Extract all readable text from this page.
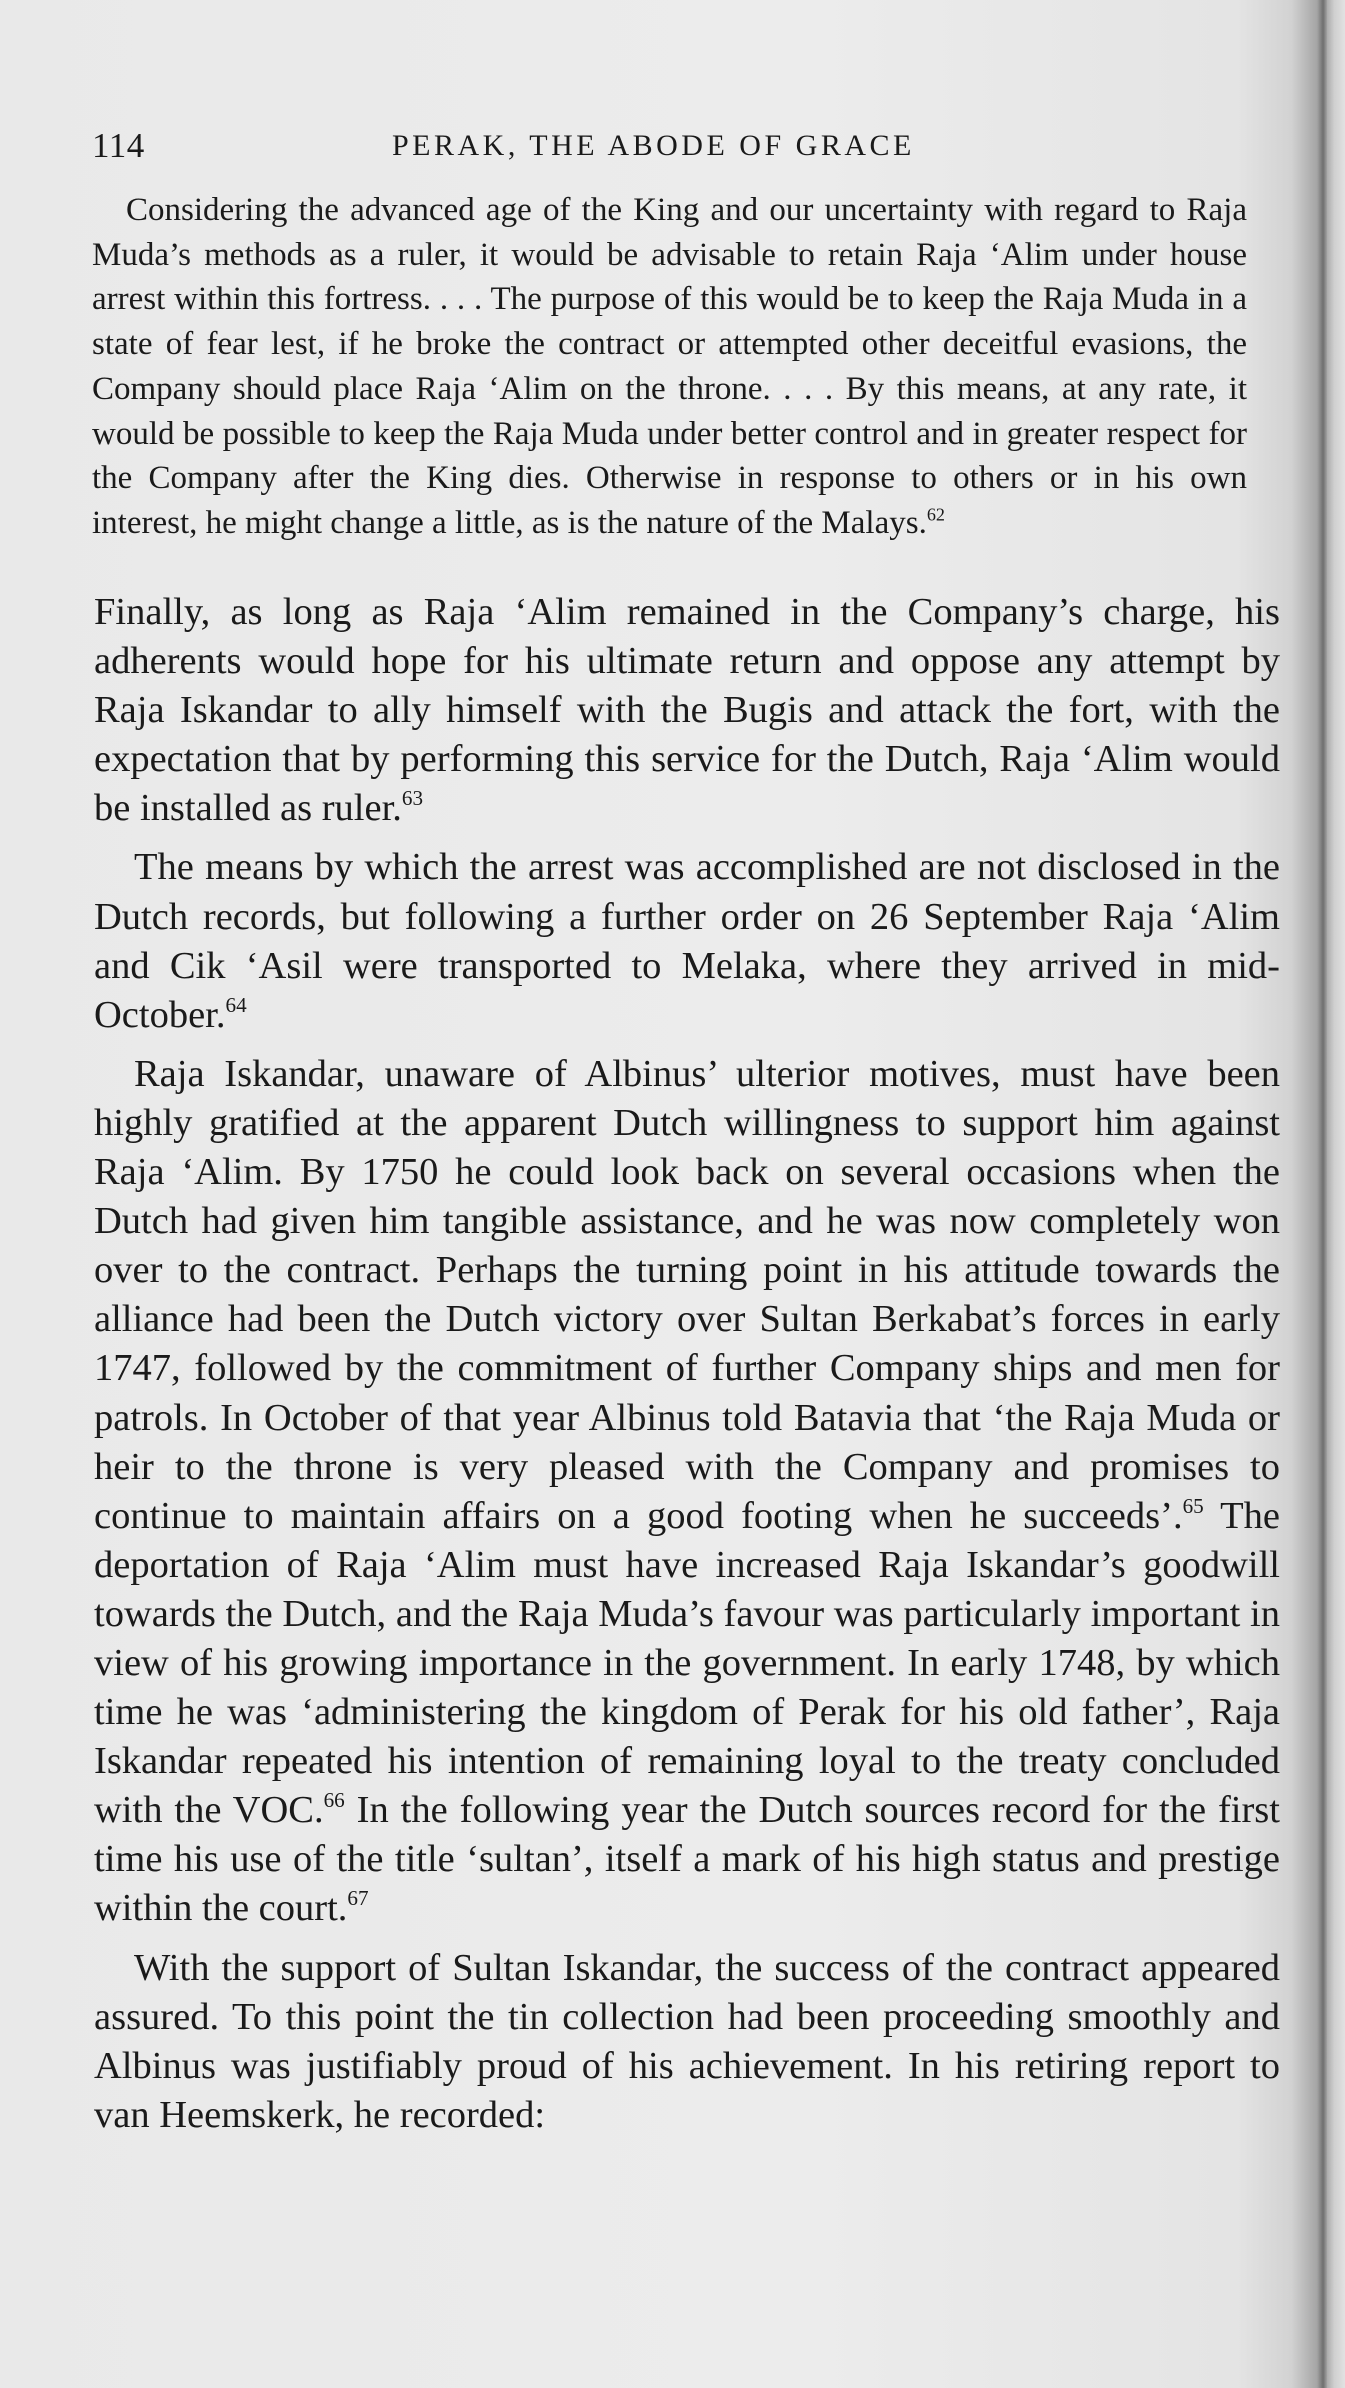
114	PERAK, THE ABODE OF GRACE

Considering the advanced age of the King and our uncertainty with regard to Raja Muda’s methods as a ruler, it would be advisable to retain Raja ‘Alim under house arrest within this fortress. . . . The purpose of this would be to keep the Raja Muda in a state of fear lest, if he broke the contract or attempted other deceitful evasions, the Company should place Raja ‘Alim on the throne. . . . By this means, at any rate, it would be possible to keep the Raja Muda under better control and in greater respect for the Company after the King dies. Otherwise in response to others or in his own interest, he might change a little, as is the nature of the Malays.$^{62}$

Finally, as long as Raja ‘Alim remained in the Company’s charge, his adherents would hope for his ultimate return and oppose any attempt by Raja Iskandar to ally himself with the Bugis and attack the fort, with the expectation that by performing this service for the Dutch, Raja ‘Alim would be installed as ruler.$^{63}$

The means by which the arrest was accomplished are not disclosed in the Dutch records, but following a further order on 26 September Raja ‘Alim and Cik ‘Asil were transported to Melaka, where they arrived in mid-October.$^{64}$

Raja Iskandar, unaware of Albinus’ ulterior motives, must have been highly gratified at the apparent Dutch willingness to support him against Raja ‘Alim. By 1750 he could look back on several occasions when the Dutch had given him tangible assistance, and he was now completely won over to the contract. Perhaps the turning point in his attitude towards the alliance had been the Dutch victory over Sultan Berkabat’s forces in early 1747, followed by the commitment of further Company ships and men for patrols. In October of that year Albinus told Batavia that ‘the Raja Muda or heir to the throne is very pleased with the Company and promises to continue to maintain affairs on a good footing when he succeeds’.$^{65}$ The deportation of Raja ‘Alim must have increased Raja Iskandar’s goodwill towards the Dutch, and the Raja Muda’s favour was particularly important in view of his growing importance in the government. In early 1748, by which time he was ‘administering the kingdom of Perak for his old father’, Raja Iskandar repeated his intention of remaining loyal to the treaty concluded with the VOC.$^{66}$ In the following year the Dutch sources record for the first time his use of the title ‘sultan’, itself a mark of his high status and prestige within the court.$^{67}$

With the support of Sultan Iskandar, the success of the contract appeared assured. To this point the tin collection had been proceeding smoothly and Albinus was justifiably proud of his achievement. In his retiring report to van Heemskerk, he recorded:
